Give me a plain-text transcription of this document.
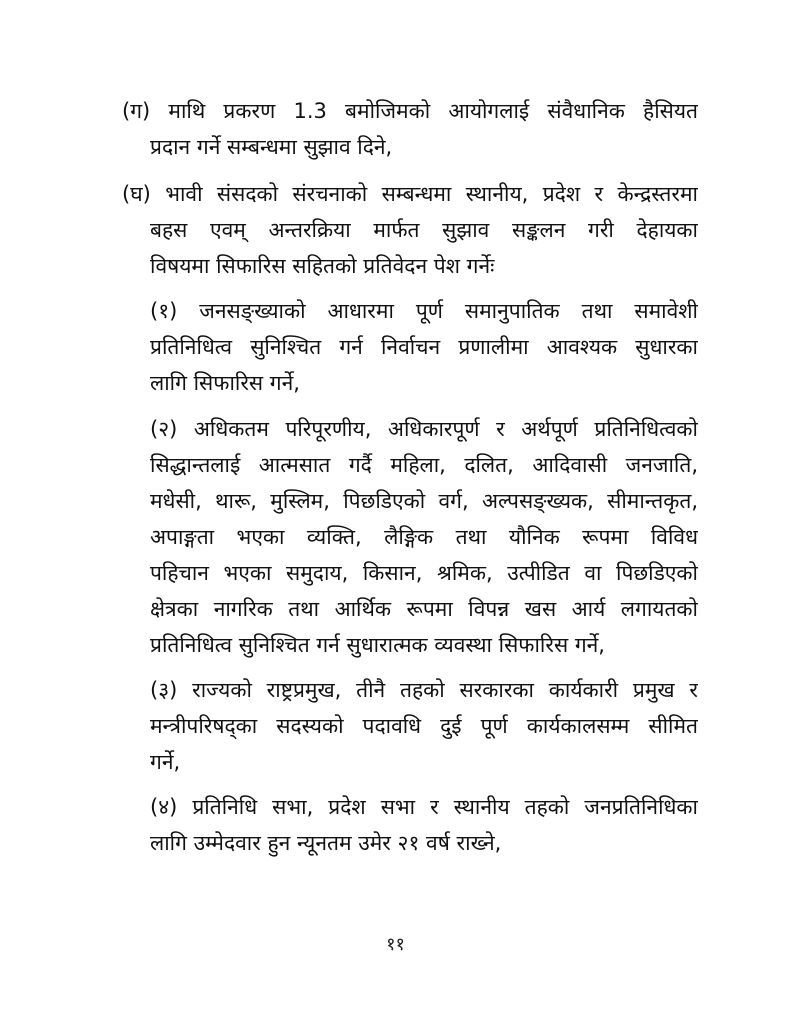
(ग) माथि प्रकरण 1.3 बमोजिमको आयोगलाई संवैधानिक हैसियत
प्रदान गर्ने सम्बन्धमा सुझाव दिने,
(घ) भावी संसदको संरचनाको सम्बन्धमा स्थानीय, प्रदेश र केन्द्रस्तरमा
बहस एवम् अन्तरक्रिया मार्फत सुझाव सङ्कलन गरी देहायका
विषयमा सिफारिस सहितको प्रतिवेदन पेश गर्नेः
(१) जनसङ्ख्याको आधारमा पूर्ण समानुपातिक तथा समावेशी
प्रतिनिधित्व सुनिश्चित गर्न निर्वाचन प्रणालीमा आवश्यक सुधारका
लागि सिफारिस गर्ने,
(२) अधिकतम परिपूरणीय, अधिकारपूर्ण र अर्थपूर्ण प्रतिनिधित्वको
सिद्धान्तलाई आत्मसात गर्दै महिला, दलित, आदिवासी जनजाति,
मधेसी, थारू, मुस्लिम, पिछडिएको वर्ग, अल्पसङ्ख्यक, सीमान्तकृत,
अपाङ्गता भएका व्यक्ति, लैङ्गिक तथा यौनिक रूपमा विविध
पहिचान भएका समुदाय, किसान, श्रमिक, उत्पीडित वा पिछडिएको
क्षेत्रका नागरिक तथा आर्थिक रूपमा विपन्न खस आर्य लगायतको
प्रतिनिधित्व सुनिश्चित गर्न सुधारात्मक व्यवस्था सिफारिस गर्ने,
(३) राज्यको राष्ट्रप्रमुख, तीनै तहको सरकारका कार्यकारी प्रमुख र
मन्त्रीपरिषद्का सदस्यको पदावधि दुई पूर्ण कार्यकालसम्म सीमित
गर्ने,
(४) प्रतिनिधि सभा, प्रदेश सभा र स्थानीय तहको जनप्रतिनिधिका
लागि उम्मेदवार हुन न्यूनतम उमेर २१ वर्ष राख्ने,
११
